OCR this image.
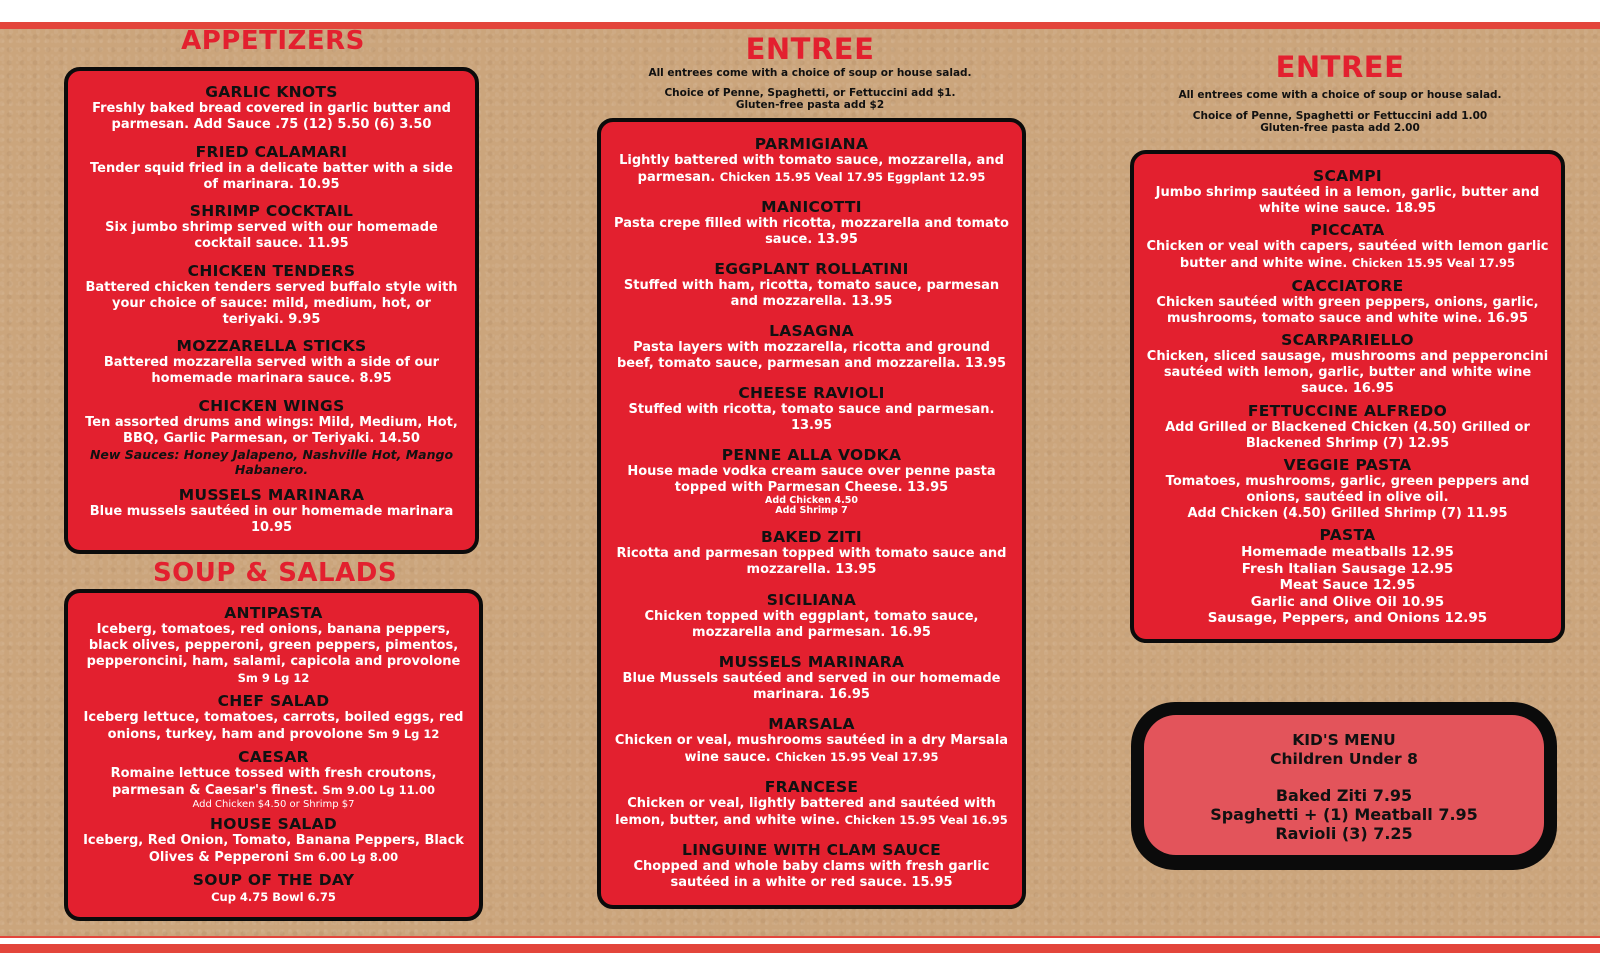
APPETIZERS
GARLIC KNOTS
Freshly baked bread covered in garlic butter and parmesan. Add Sauce .75 (12) 5.50 (6) 3.50
FRIED CALAMARI
Tender squid fried in a delicate batter with a side of marinara. 10.95
SHRIMP COCKTAIL
Six jumbo shrimp served with our homemade cocktail sauce. 11.95
CHICKEN TENDERS
Battered chicken tenders served buffalo style with your choice of sauce: mild, medium, hot, or teriyaki. 9.95
MOZZARELLA STICKS
Battered mozzarella served with a side of our homemade marinara sauce. 8.95
CHICKEN WINGS
Ten assorted drums and wings: Mild, Medium, Hot, BBQ, Garlic Parmesan, or Teriyaki. 14.50
New Sauces: Honey Jalapeno, Nashville Hot, Mango Habanero.
MUSSELS MARINARA
Blue mussels sautéed in our homemade marinara 10.95
SOUP & SALADS
ANTIPASTA
Iceberg, tomatoes, red onions, banana peppers, black olives, pepperoni, green peppers, pimentos, pepperoncini, ham, salami, capicola and provolone Sm 9 Lg 12
CHEF SALAD
Iceberg lettuce, tomatoes, carrots, boiled eggs, red onions, turkey, ham and provolone Sm 9 Lg 12
CAESAR
Romaine lettuce tossed with fresh croutons, parmesan & Caesar's finest. Sm 9.00 Lg 11.00
Add Chicken $4.50 or Shrimp $7
HOUSE SALAD
Iceberg, Red Onion, Tomato, Banana Peppers, Black Olives & Pepperoni Sm 6.00 Lg 8.00
SOUP OF THE DAY
Cup 4.75 Bowl 6.75
ENTREE
All entrees come with a choice of soup or house salad.
Choice of Penne, Spaghetti, or Fettuccini add $1.
Gluten-free pasta add $2
PARMIGIANA
Lightly battered with tomato sauce, mozzarella, and parmesan. Chicken 15.95 Veal 17.95 Eggplant 12.95
MANICOTTI
Pasta crepe filled with ricotta, mozzarella and tomato sauce. 13.95
EGGPLANT ROLLATINI
Stuffed with ham, ricotta, tomato sauce, parmesan and mozzarella. 13.95
LASAGNA
Pasta layers with mozzarella, ricotta and ground beef, tomato sauce, parmesan and mozzarella. 13.95
CHEESE RAVIOLI
Stuffed with ricotta, tomato sauce and parmesan. 13.95
PENNE ALLA VODKA
House made vodka cream sauce over penne pasta topped with Parmesan Cheese. 13.95
Add Chicken 4.50
Add Shrimp 7
BAKED ZITI
Ricotta and parmesan topped with tomato sauce and mozzarella. 13.95
SICILIANA
Chicken topped with eggplant, tomato sauce, mozzarella and parmesan. 16.95
MUSSELS MARINARA
Blue Mussels sautéed and served in our homemade marinara. 16.95
MARSALA
Chicken or veal, mushrooms sautéed in a dry Marsala wine sauce. Chicken 15.95 Veal 17.95
FRANCESE
Chicken or veal, lightly battered and sautéed with lemon, butter, and white wine. Chicken 15.95 Veal 16.95
LINGUINE WITH CLAM SAUCE
Chopped and whole baby clams with fresh garlic sautéed in a white or red sauce. 15.95
ENTREE
All entrees come with a choice of soup or house salad.
Choice of Penne, Spaghetti or Fettuccini add 1.00
Gluten-free pasta add 2.00
SCAMPI
Jumbo shrimp sautéed in a lemon, garlic, butter and white wine sauce. 18.95
PICCATA
Chicken or veal with capers, sautéed with lemon garlic butter and white wine. Chicken 15.95 Veal 17.95
CACCIATORE
Chicken sautéed with green peppers, onions, garlic, mushrooms, tomato sauce and white wine. 16.95
SCARPARIELLO
Chicken, sliced sausage, mushrooms and pepperoncini sautéed with lemon, garlic, butter and white wine sauce. 16.95
FETTUCCINE ALFREDO
Add Grilled or Blackened Chicken (4.50) Grilled or Blackened Shrimp (7) 12.95
VEGGIE PASTA
Tomatoes, mushrooms, garlic, green peppers and onions, sautéed in olive oil.
Add Chicken (4.50) Grilled Shrimp (7) 11.95
PASTA
Homemade meatballs 12.95
Fresh Italian Sausage 12.95
Meat Sauce 12.95
Garlic and Olive Oil 10.95
Sausage, Peppers, and Onions 12.95
KID'S MENU
Children Under 8
Baked Ziti 7.95
Spaghetti + (1) Meatball 7.95
Ravioli (3) 7.25
